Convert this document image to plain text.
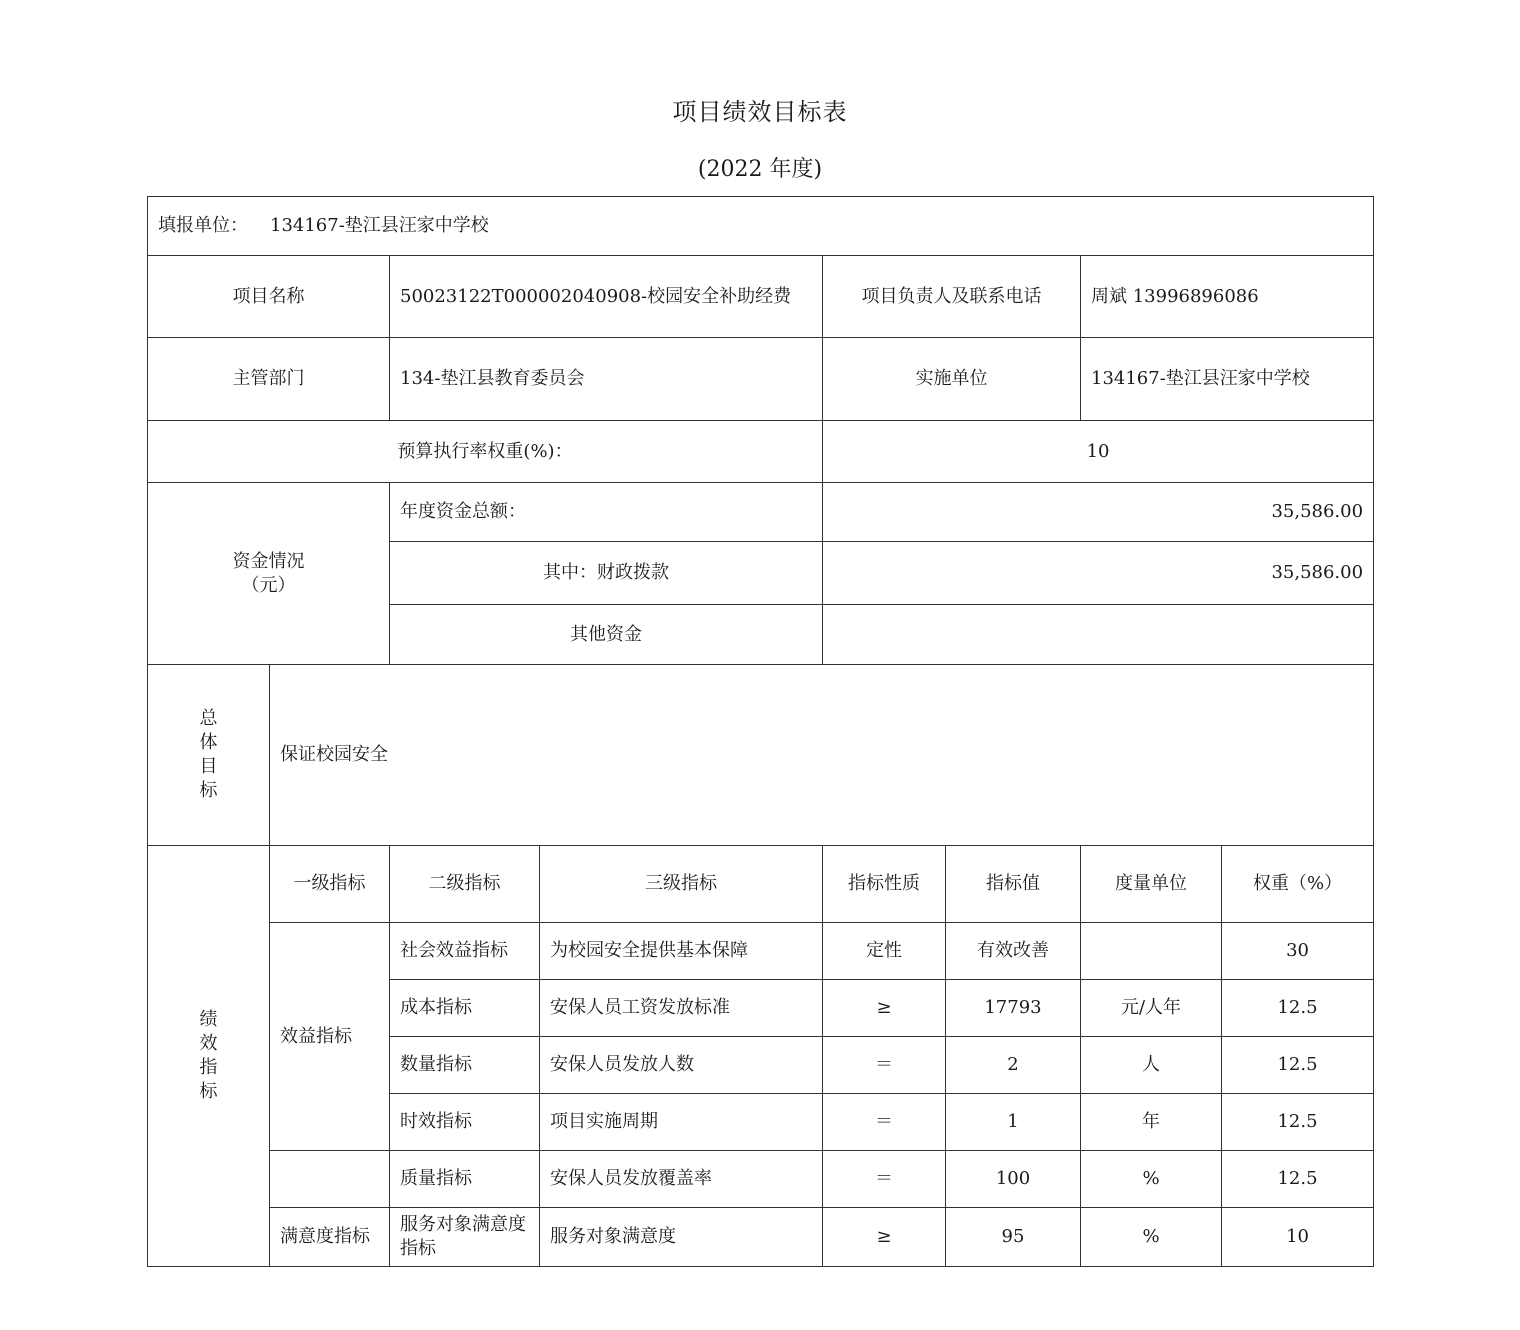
项目绩效目标表
(2022 年度)
填报单位： 134167-垫江县汪家中学校							
项目名称		50023122T000002040908-校园安全补助经费		项目负责人及联系电话		周斌 13996896086	
主管部门		134-垫江县教育委员会		实施单位		134167-垫江县汪家中学校	
预算执行率权重(%)：				10			

资金情况
（元）		年度资金总额：		35,586.00			
		其中：财政拨款		35,586.00			
		其他资金					

总
体
目
标	保证校园安全						

绩
效
指
标	一级指标	二级指标	三级指标	指标性质	指标值	度量单位	权重（%）
	效益指标	社会效益指标	为校园安全提供基本保障	定性	有效改善		30
		成本指标	安保人员工资发放标准	≥	17793	元/人年	12.5
		数量指标	安保人员发放人数	＝	2	人	12.5
		时效指标	项目实施周期	＝	1	年	12.5
		质量指标	安保人员发放覆盖率	＝	100	%	12.5
	满意度指标	服务对象满意度指标	服务对象满意度	≥	95	%	10
